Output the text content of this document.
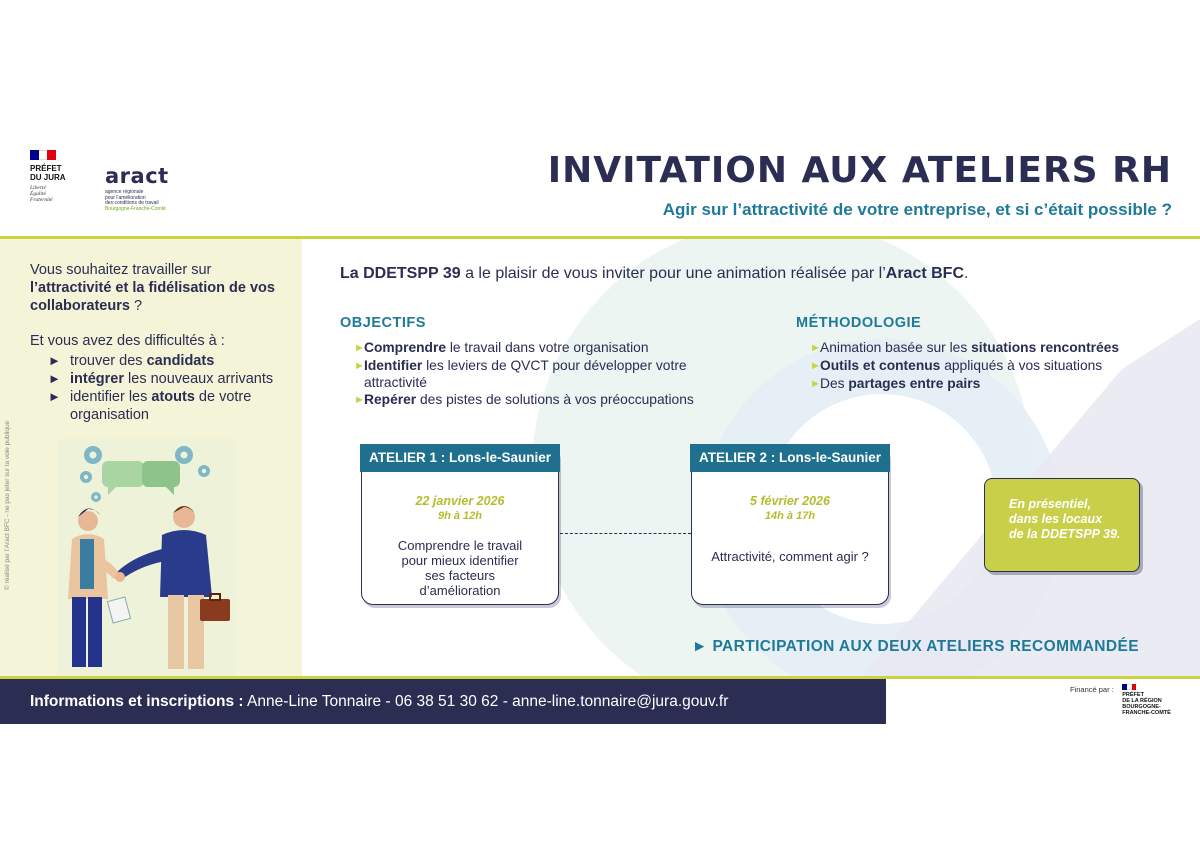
PRÉFET
DU JURA
Liberté
Égalité
Fraternité
aract
agence régionale
pour l'amélioration
des conditions de travail
Bourgogne-Franche-Comté
INVITATION AUX ATELIERS RH
Agir sur l’attractivité de votre entreprise, et si c’était possible ?
Vous souhaitez travailler sur l’attractivité et la fidélisation de vos collaborateurs ?
Et vous avez des difficultés à :
► trouver des candidats
► intégrer les nouveaux arrivants
► identifier les atouts de votre organisation
© réalisé par l’Aract BFC - ne pas jeter sur la voie publique
La DDETSPP 39 a le plaisir de vous inviter pour une animation réalisée par l’Aract BFC.
OBJECTIFS
► Comprendre le travail dans votre organisation
► Identifier les leviers de QVCT pour développer votre attractivité
► Repérer des pistes de solutions à vos préoccupations
MÉTHODOLOGIE
► Animation basée sur les situations rencontrées
► Outils et contenus appliqués à vos situations
► Des partages entre pairs
ATELIER 1 : Lons-le-Saunier
22 janvier 2026
9h à 12h
Comprendre le travail pour mieux identifier ses facteurs d’amélioration
ATELIER 2 : Lons-le-Saunier
5 février 2026
14h à 17h
Attractivité, comment agir ?
En présentiel,
dans les locaux
de la DDETSPP 39.
► PARTICIPATION AUX DEUX ATELIERS RECOMMANDÉE
Informations et inscriptions : Anne-Line Tonnaire - 06 38 51 30 62 - anne-line.tonnaire@jura.gouv.fr
Financé par :
PRÉFET
DE LA RÉGION
BOURGOGNE-
FRANCHE-COMTÉ
